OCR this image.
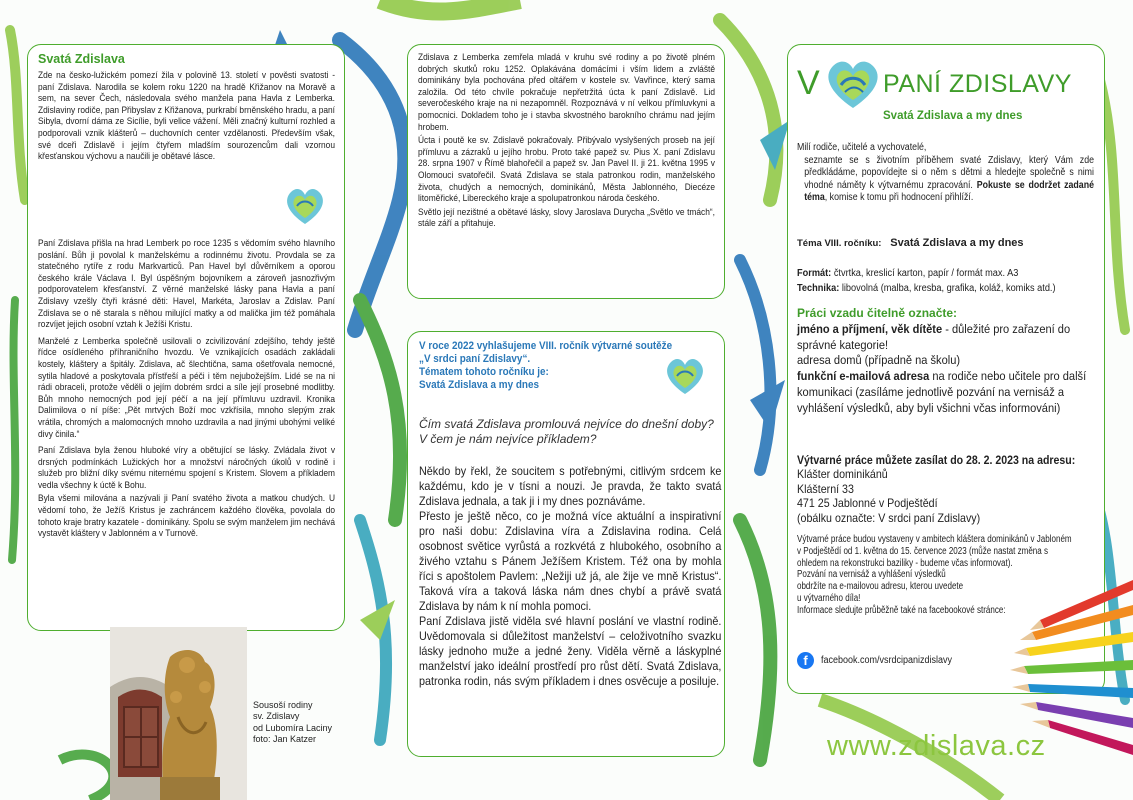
Svatá Zdislava

Zde na česko-lužickém pomezí žila v polovině 13. století v pověsti svatosti - paní Zdislava. Narodila se kolem roku 1220 na hradě Křižanov na Moravě a sem, na sever Čech, následovala svého manžela pana Havla z Lemberka. Zdislaviny rodiče, pan Přibyslav z Křižanova, purkrabí brněnského hradu, a paní Sibyla, dvorní dáma ze Sicílie, byli velice vážení. Měli značný kulturní rozhled a podporovali vznik klášterů – duchovních center vzdělanosti. Především však, své dceři Zdislavě i jejím čtyřem mladším sourozencům dali vzornou křesťanskou výchovu a naučili je obětavé lásce.

Paní Zdislava přišla na hrad Lemberk po roce 1235 s vědomím svého hlavního poslání. Bůh ji povolal k manželskému a rodinnému životu. Provdala se za statečného rytíře z rodu Markvarticů. Pan Havel byl důvěrníkem a oporou českého krále Václava I. Byl úspěšným bojovníkem a zároveň jasnozřivým podporovatelem křesťanství. Z věrné manželské lásky pana Havla a paní Zdislavy vzešly čtyři krásné děti: Havel, Markéta, Jaroslav a Zdislav. Paní Zdislava se o ně starala s něhou milující matky a od malička jim též pomáhala rozvíjet jejich osobní vztah k Ježíši Kristu.

Manželé z Lemberka společně usilovali o zcivilizování zdejšího, tehdy ještě řídce osídleného příhraničního hvozdu. Ve vznikajících osadách zakládali kostely, kláštery a špitály. Zdislava, ač šlechtična, sama ošetřovala nemocné, sytila hladové a poskytovala přístřeší a péči i těm nejubožejším. Lidé se na ni rádi obraceli, protože věděli o jejím dobrém srdci a síle její prosebné modlitby. Bůh mnoho nemocných pod její péčí a na její přímluvu uzdravil. Kronika Dalimilova o ní píše: „Pět mrtvých Boží moc vzkřísila, mnoho slepým zrak vrátila, chromých a malomocných mnoho uzdravila a nad jinými ubohými veliké divy činila.“

Paní Zdislava byla ženou hluboké víry a obětující se lásky. Zvládala život v drsných podmínkách Lužických hor a množství náročných úkolů v rodině i služeb pro bližní díky svému niternému spojení s Kristem. Slovem a příkladem vedla všechny k úctě k Bohu.

Byla všemi milována a nazývali ji Paní svatého života a matkou chudých. U vědomí toho, že Ježíš Kristus je zachráncem každého člověka, povolala do tohoto kraje bratry kazatele - dominikány. Spolu se svým manželem jim nechává vystavět kláštery v Jablonném a v Turnově.

Sousoší rodiny
sv. Zdislavy
od Lubomíra Laciny
foto: Jan Katzer

Zdislava z Lemberka zemřela mladá v kruhu své rodiny a po životě plném dobrých skutků roku 1252. Oplakávána domácími i vším lidem a zvláště dominikány byla pochována před oltářem v kostele sv. Vavřince, který sama založila. Od této chvíle pokračuje nepřetržitá úcta k paní Zdislavě. Lid severočeského kraje na ni nezapomněl. Rozpoznává v ní velkou přímluvkyni a pomocnici. Dokladem toho je i stavba skvostného barokního chrámu nad jejím hrobem.

Úcta i poutě ke sv. Zdislavě pokračovaly. Přibývalo vyslyšených proseb na její přímluvu a zázraků u jejího hrobu. Proto také papež sv. Pius X. paní Zdislavu 28. srpna 1907 v Římě blahořečil a papež sv. Jan Pavel II. ji 21. května 1995 v Olomouci svatořečil. Svatá Zdislava se stala patronkou rodin, manželského života, chudých a nemocných, dominikánů, Města Jablonného, Diecéze litoměřické, Libereckého kraje a spolupatronkou národa českého.

Světlo její nezištné a obětavé lásky, slovy Jaroslava Durycha „Světlo ve tmách“, stále září a přitahuje.

V roce 2022 vyhlašujeme VIII. ročník výtvarné soutěže
„V srdci paní Zdislavy“.
Tématem tohoto ročníku je:
Svatá Zdislava a my dnes
Čím svatá Zdislava promlouvá nejvíce do dnešní doby? V čem je nám nejvíce příkladem?

Někdo by řekl, že soucitem s potřebnými, citlivým srdcem ke každému, kdo je v tísni a nouzi. Je pravda, že takto svatá Zdislava jednala, a tak ji i my dnes poznáváme.

Přesto je ještě něco, co je možná více aktuální a inspirativní pro naši dobu: Zdislavina víra a Zdislavina rodina. Celá osobnost světice vyrůstá a rozkvétá z hlubokého, osobního a živého vztahu s Pánem Ježíšem Kristem. Též ona by mohla říci s apoštolem Pavlem: „Nežiji už já, ale žije ve mně Kristus“. Taková víra a taková láska nám dnes chybí a právě svatá Zdislava by nám k ní mohla pomoci.

Paní Zdislava jistě viděla své hlavní poslání ve vlastní rodině. Uvědomovala si důležitost manželství – celoživotního svazku lásky jednoho muže a jedné ženy. Viděla věrně a láskyplné manželství jako ideální prostředí pro růst dětí. Svatá Zdislava, patronka rodin, nás svým příkladem i dnes osvěcuje a posiluje.

V	PANÍ ZDISLAVY
Svatá Zdislava a my dnes
Milí rodiče, učitelé a vychovatelé,
seznamte se s životním příběhem svaté Zdislavy, který Vám zde předkládáme, popovídejte si o něm s dětmi a hledejte společně s nimi vhodné náměty k výtvarnému zpracování. Pokuste se dodržet zadané téma, komise k tomu při hodnocení přihlíží.
Téma VIII. ročníku: Svatá Zdislava a my dnes
Formát: čtvrtka, kreslicí karton, papír / formát max. A3
Technika: libovolná (malba, kresba, grafika, koláž, komiks atd.)
Práci vzadu čitelně označte:
jméno a příjmení, věk dítěte - důležité pro zařazení do správné kategorie!
adresa domů (případně na školu)
funkční e-mailová adresa na rodiče nebo učitele pro další komunikaci (zasíláme jednotlivě pozvání na vernisáž a vyhlášení výsledků, aby byli všichni včas informováni)
Výtvarné práce můžete zasílat do 28. 2. 2023 na adresu:
Klášter dominikánů
Klášterní 33
471 25 Jablonné v Podještědí
(obálku označte: V srdci paní Zdislavy)
Výtvarné práce budou vystaveny v ambitech kláštera dominikánů v Jabloném v Podještědí od 1. května do 15. července 2023 (může nastat změna s ohledem na rekonstrukci baziliky - budeme včas informovat).
Pozvání na vernisáž a vyhlášení výsledků
obdržíte na e-mailovou adresu, kterou uvedete
u výtvarného díla!
Informace sledujte průběžně také na facebookové stránce:
f	facebook.com/vsrdcipanizdislavy
www.zdislava.cz
